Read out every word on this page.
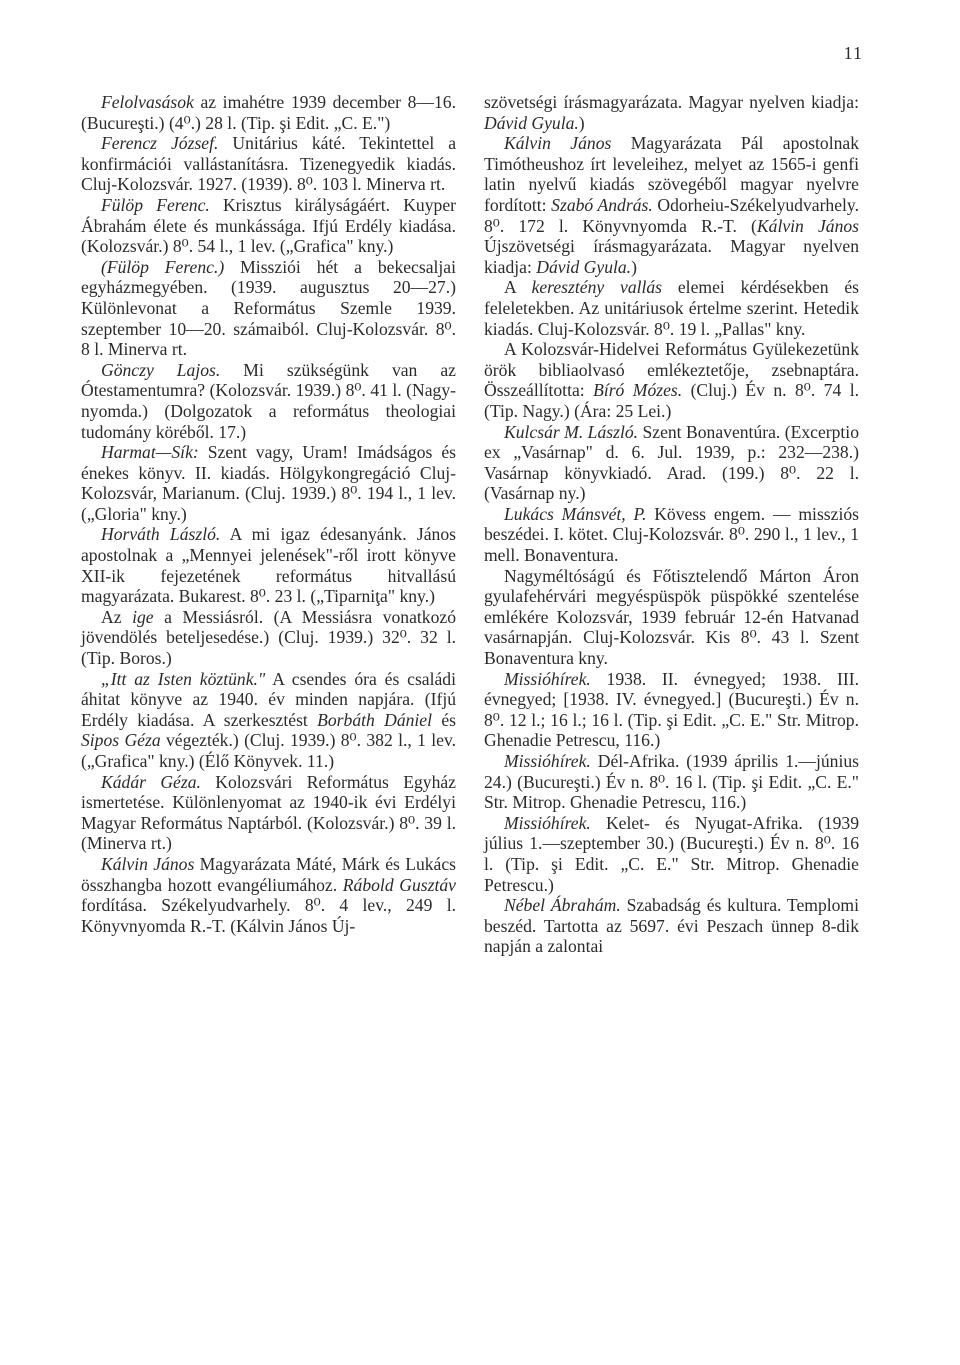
11

Felolvasások az imahétre 1939 december 8—16. (Bucureşti.) (4⁰.) 28 l. (Tip. şi Edit. „C. E.")

Ferencz József. Unitárius káté. Tekintettel a konfirmációi vallástanításra. Tizenegyedik kiadás. Cluj-Kolozsvár. 1927. (1939). 8⁰. 103 l. Minerva rt.

Fülöp Ferenc. Krisztus királyságáért. Kuyper Ábrahám élete és munkássága. Ifjú Erdély kiadása. (Kolozsvár.) 8⁰. 54 l., 1 lev. („Grafica" kny.)

(Fülöp Ferenc.) Missziói hét a bekecsaljai egyházmegyében. (1939. augusztus 20—27.) Különlevonat a Református Szemle 1939. szeptember 10—20. számaiból. Cluj-Kolozsvár. 8⁰. 8 l. Minerva rt.

Gönczy Lajos. Mi szükségünk van az Ótestamentumra? (Kolozsvár. 1939.) 8⁰. 41 l. (Nagy-nyomda.) (Dolgozatok a református theologiai tudomány köréből. 17.)

Harmat—Sík: Szent vagy, Uram! Imádságos és énekes könyv. II. kiadás. Hölgykongregáció Cluj-Kolozsvár, Marianum. (Cluj. 1939.) 8⁰. 194 l., 1 lev. („Gloria" kny.)

Horváth László. A mi igaz édesanyánk. János apostolnak a „Mennyei jelenések"-ről irott könyve XII-ik fejezetének református hitvallású magyarázata. Bukarest. 8⁰. 23 l. („Tiparniţa" kny.)

Az ige a Messiásról. (A Messiásra vonatkozó jövendölés beteljesedése.) (Cluj. 1939.) 32⁰. 32 l. (Tip. Boros.)

„Itt az Isten köztünk." A csendes óra és családi áhitat könyve az 1940. év minden napjára. (Ifjú Erdély kiadása. A szerkesztést Borbáth Dániel és Sipos Géza végezték.) (Cluj. 1939.) 8⁰. 382 l., 1 lev. („Grafica" kny.) (Élő Könyvek. 11.)

Kádár Géza. Kolozsvári Református Egyház ismertetése. Különlenyomat az 1940-ik évi Erdélyi Magyar Református Naptárból. (Kolozsvár.) 8⁰. 39 l. (Minerva rt.)

Kálvin János Magyarázata Máté, Márk és Lukács összhangba hozott evangéliumához. Rábold Gusztáv fordítása. Székelyudvarhely. 8⁰. 4 lev., 249 l. Könyvnyomda R.-T. (Kálvin János Új-

szövetségi írásmagyarázata. Magyar nyelven kiadja: Dávid Gyula.)

Kálvin János Magyarázata Pál apostolnak Timótheushoz írt leveleihez, melyet az 1565-i genfi latin nyelvű kiadás szövegéből magyar nyelvre fordított: Szabó András. Odorheiu-Székelyudvarhely. 8⁰. 172 l. Könyvnyomda R.-T. (Kálvin János Újszövetségi írásmagyarázata. Magyar nyelven kiadja: Dávid Gyula.)

A keresztény vallás elemei kérdésekben és feleletekben. Az unitáriusok értelme szerint. Hetedik kiadás. Cluj-Kolozsvár. 8⁰. 19 l. „Pallas" kny.

A Kolozsvár-Hidelvei Református Gyülekezetünk örök bibliaolvasó emlékeztetője, zsebnaptára. Összeállította: Bíró Mózes. (Cluj.) Év n. 8⁰. 74 l. (Tip. Nagy.) (Ára: 25 Lei.)

Kulcsár M. László. Szent Bonaventúra. (Excerptio ex „Vasárnap" d. 6. Jul. 1939, p.: 232—238.) Vasárnap könyvkiadó. Arad. (199.) 8⁰. 22 l. (Vasárnap ny.)

Lukács Mánsvét, P. Kövess engem. — missziós beszédei. I. kötet. Cluj-Kolozsvár. 8⁰. 290 l., 1 lev., 1 mell. Bonaventura.

Nagyméltóságú és Főtisztelendő Márton Áron gyulafehérvári megyéspüspök püspökké szentelése emlékére Kolozsvár, 1939 február 12-én Hatvanad vasárnapján. Cluj-Kolozsvár. Kis 8⁰. 43 l. Szent Bonaventura kny.

Missióhírek. 1938. II. évnegyed; 1938. III. évnegyed; [1938. IV. évnegyed.] (Bucureşti.) Év n. 8⁰. 12 l.; 16 l.; 16 l. (Tip. şi Edit. „C. E." Str. Mitrop. Ghenadie Petrescu, 116.)

Missióhírek. Dél-Afrika. (1939 április 1.—június 24.) (Bucureşti.) Év n. 8⁰. 16 l. (Tip. şi Edit. „C. E." Str. Mitrop. Ghenadie Petrescu, 116.)

Missióhírek. Kelet- és Nyugat-Afrika. (1939 július 1.—szeptember 30.) (Bucureşti.) Év n. 8⁰. 16 l. (Tip. şi Edit. „C. E." Str. Mitrop. Ghenadie Petrescu.)

Nébel Ábrahám. Szabadság és kultura. Templomi beszéd. Tartotta az 5697. évi Peszach ünnep 8-dik napján a zalontai
